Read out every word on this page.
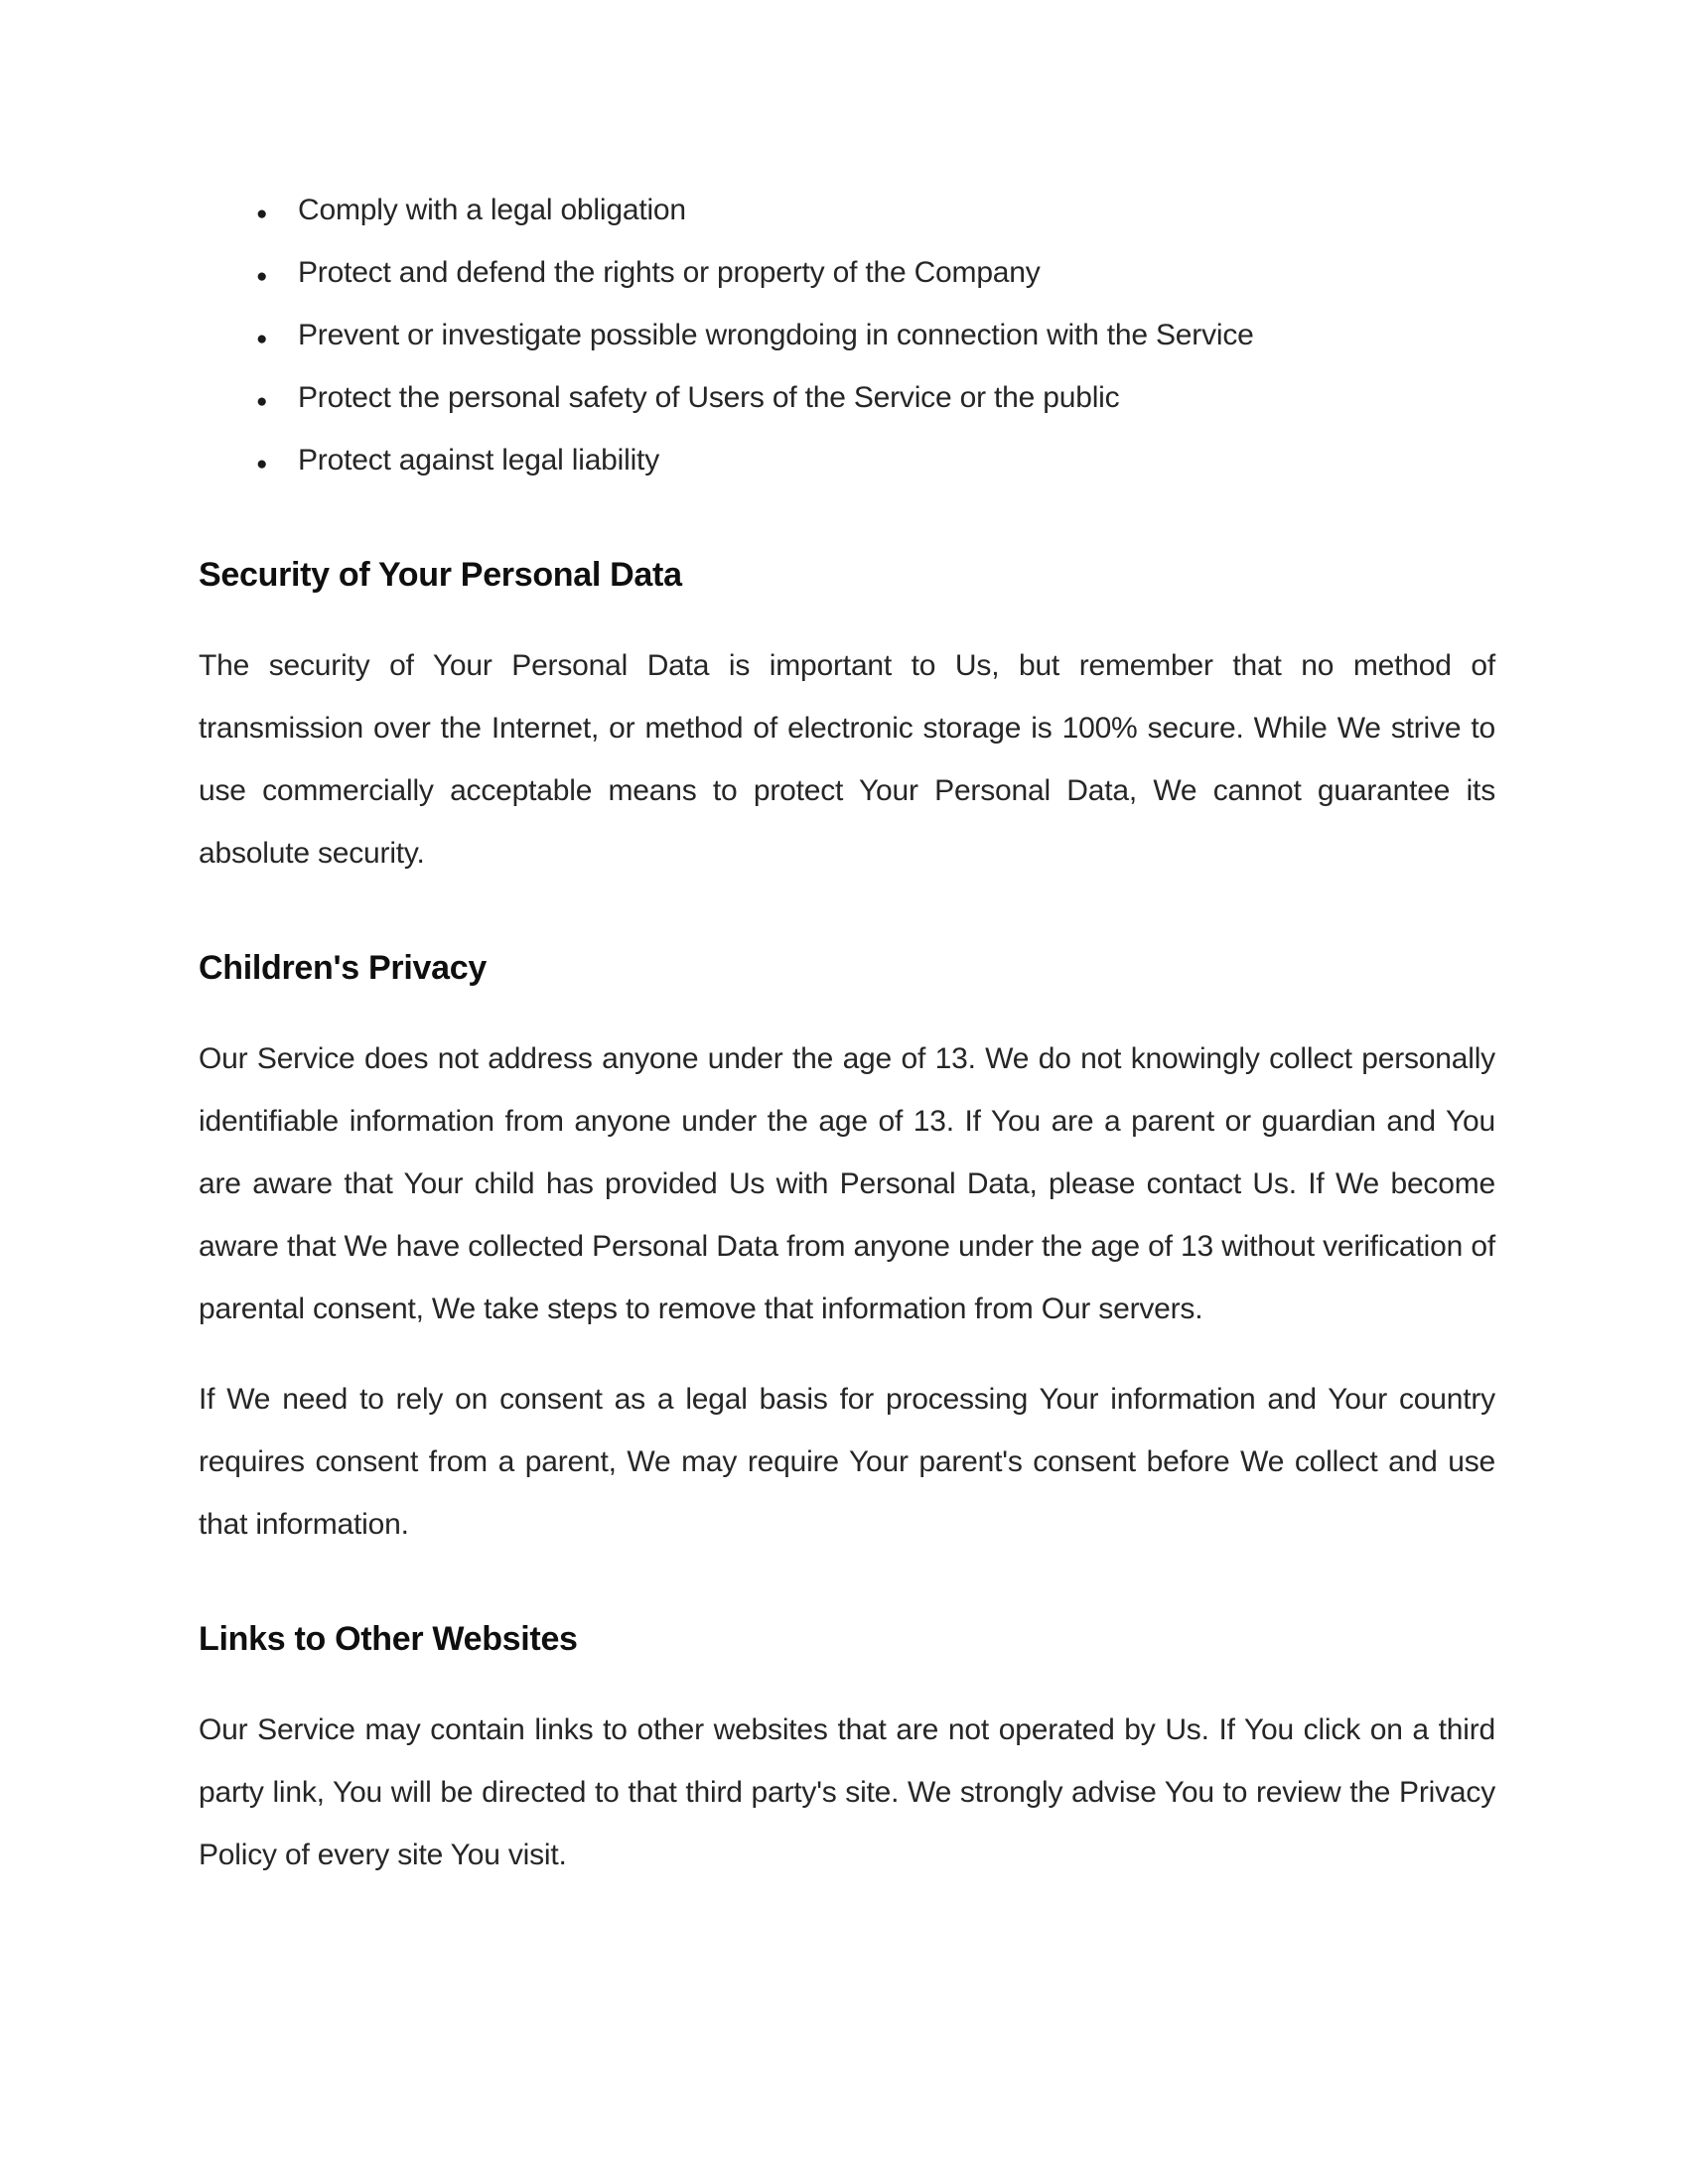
●
Comply with a legal obligation
●
Protect and defend the rights or property of the Company
●
Prevent or investigate possible wrongdoing in connection with the Service
●
Protect the personal safety of Users of the Service or the public
●
Protect against legal liability
Security of Your Personal Data

The security of Your Personal Data is important to Us, but remember that no method of transmission over the Internet, or method of electronic storage is 100% secure. While We strive to use commercially acceptable means to protect Your Personal Data, We cannot guarantee its absolute security.

Children's Privacy

Our Service does not address anyone under the age of 13. We do not knowingly collect personally identifiable information from anyone under the age of 13. If You are a parent or guardian and You are aware that Your child has provided Us with Personal Data, please contact Us. If We become aware that We have collected Personal Data from anyone under the age of 13 without verification of parental consent, We take steps to remove that information from Our servers.

If We need to rely on consent as a legal basis for processing Your information and Your country requires consent from a parent, We may require Your parent's consent before We collect and use that information.

Links to Other Websites

Our Service may contain links to other websites that are not operated by Us. If You click on a third party link, You will be directed to that third party's site. We strongly advise You to review the Privacy Policy of every site You visit.
